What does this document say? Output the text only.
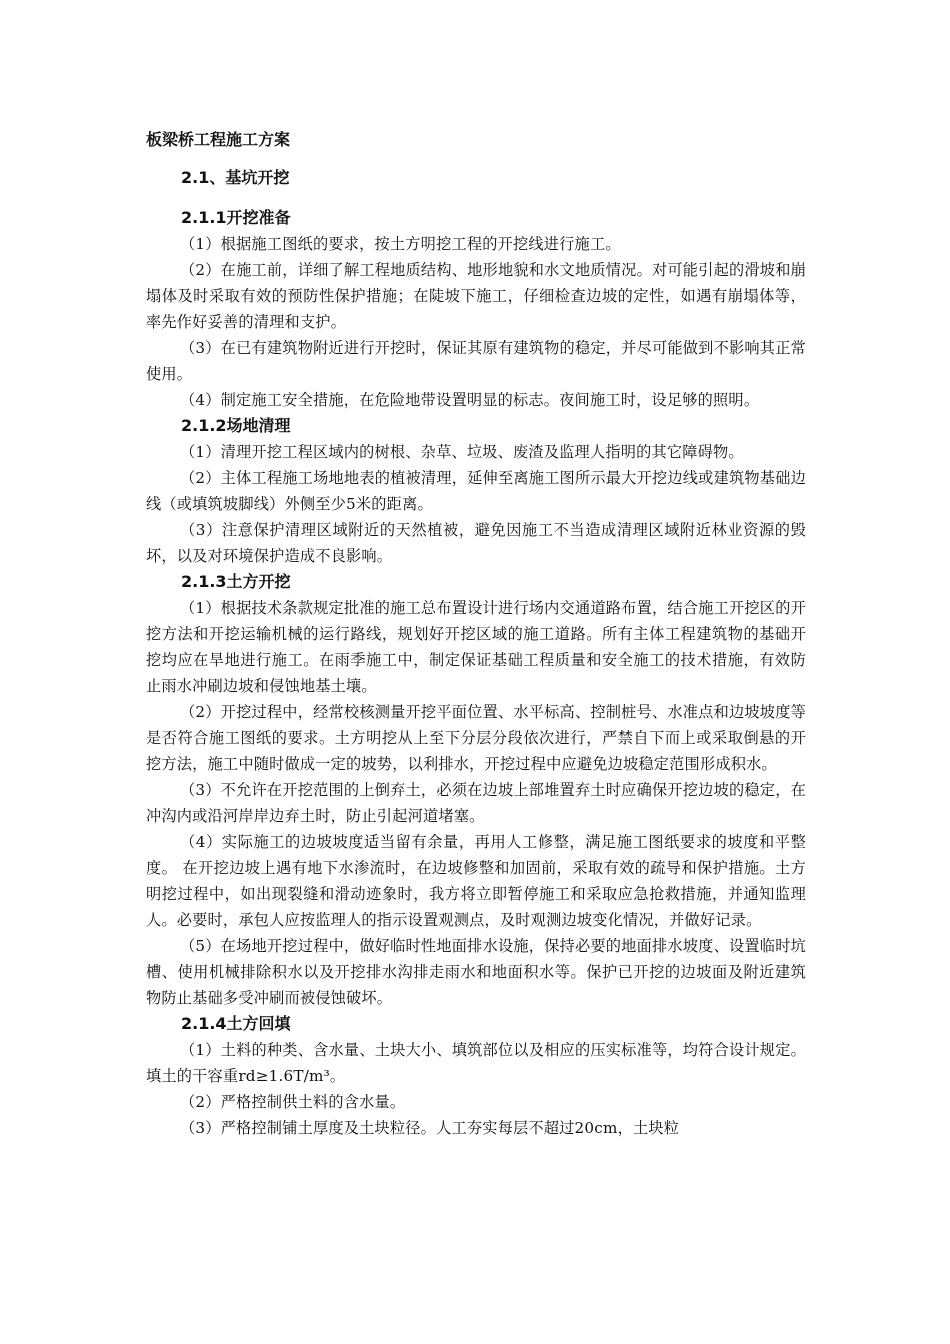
板梁桥工程施工方案
2.1、基坑开挖
2.1.1开挖准备

（1）根据施工图纸的要求，按土方明挖工程的开挖线进行施工。

（2）在施工前，详细了解工程地质结构、地形地貌和水文地质情况。对可能引起的滑坡和崩塌体及时采取有效的预防性保护措施；在陡坡下施工，仔细检查边坡的定性，如遇有崩塌体等，率先作好妥善的清理和支护。

（3）在已有建筑物附近进行开挖时，保证其原有建筑物的稳定，并尽可能做到不影响其正常使用。

（4）制定施工安全措施，在危险地带设置明显的标志。夜间施工时，设足够的照明。

2.1.2场地清理

（1）清理开挖工程区域内的树根、杂草、垃圾、废渣及监理人指明的其它障碍物。

（2）主体工程施工场地地表的植被清理，延伸至离施工图所示最大开挖边线或建筑物基础边线（或填筑坡脚线）外侧至少5米的距离。

（3）注意保护清理区域附近的天然植被，避免因施工不当造成清理区域附近林业资源的毁坏，以及对环境保护造成不良影响。

2.1.3土方开挖

（1）根据技术条款规定批准的施工总布置设计进行场内交通道路布置，结合施工开挖区的开挖方法和开挖运输机械的运行路线，规划好开挖区域的施工道路。所有主体工程建筑物的基础开挖均应在旱地进行施工。在雨季施工中，制定保证基础工程质量和安全施工的技术措施，有效防止雨水冲刷边坡和侵蚀地基土壤。

（2）开挖过程中，经常校核测量开挖平面位置、水平标高、控制桩号、水准点和边坡坡度等是否符合施工图纸的要求。土方明挖从上至下分层分段依次进行，严禁自下而上或采取倒悬的开挖方法，施工中随时做成一定的坡势，以利排水，开挖过程中应避免边坡稳定范围形成积水。

（3）不允许在开挖范围的上倒弃土，必须在边坡上部堆置弃土时应确保开挖边坡的稳定，在冲沟内或沿河岸岸边弃土时，防止引起河道堵塞。

（4）实际施工的边坡坡度适当留有余量，再用人工修整，满足施工图纸要求的坡度和平整度。 在开挖边坡上遇有地下水渗流时，在边坡修整和加固前，采取有效的疏导和保护措施。土方明挖过程中，如出现裂缝和滑动迹象时，我方将立即暂停施工和采取应急抢救措施，并通知监理人。必要时，承包人应按监理人的指示设置观测点，及时观测边坡变化情况，并做好记录。

（5）在场地开挖过程中，做好临时性地面排水设施，保持必要的地面排水坡度、设置临时坑槽、使用机械排除积水以及开挖排水沟排走雨水和地面积水等。保护已开挖的边坡面及附近建筑物防止基础多受冲刷而被侵蚀破坏。

2.1.4土方回填

（1）土料的种类、含水量、土块大小、填筑部位以及相应的压实标准等，均符合设计规定。填土的干容重rd≥1.6T/m³。

（2）严格控制供土料的含水量。

（3）严格控制铺土厚度及土块粒径。人工夯实每层不超过20cm，土块粒
